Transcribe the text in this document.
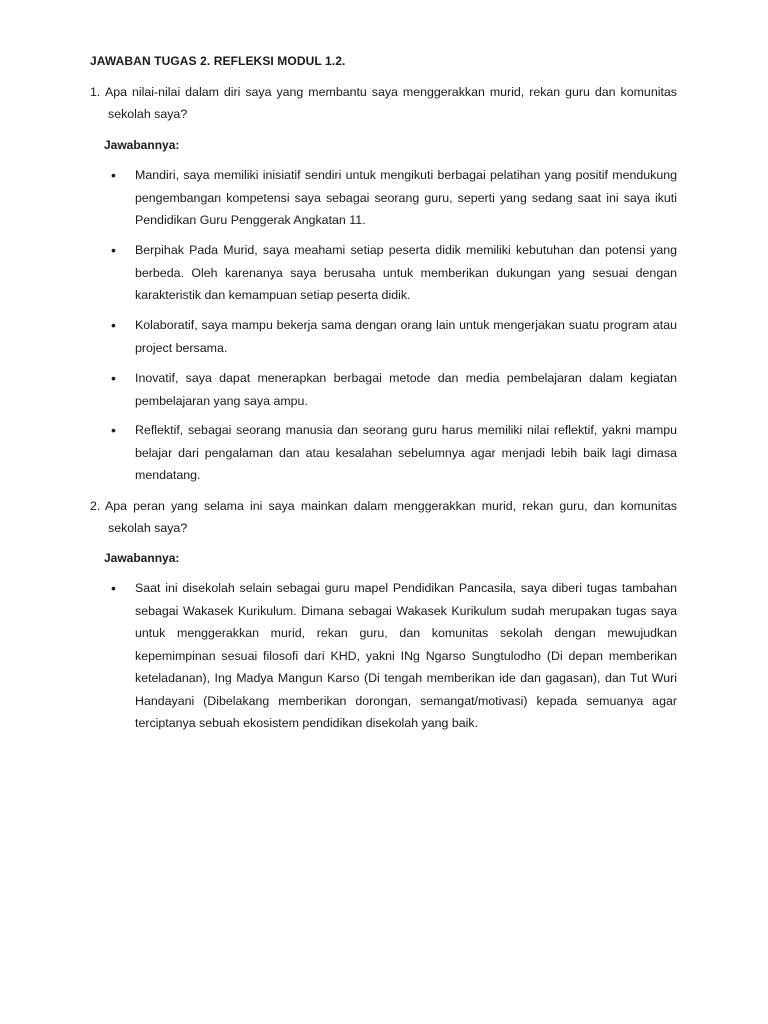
JAWABAN TUGAS 2. REFLEKSI MODUL 1.2.
1. Apa nilai-nilai dalam diri saya yang membantu saya menggerakkan murid, rekan guru dan komunitas sekolah saya?
Jawabannya:
•	Mandiri, saya memiliki inisiatif sendiri untuk mengikuti berbagai pelatihan yang positif mendukung pengembangan kompetensi saya sebagai seorang guru, seperti yang sedang saat ini saya ikuti Pendidikan Guru Penggerak Angkatan 11.
•	Berpihak Pada Murid, saya meahami setiap peserta didik memiliki kebutuhan dan potensi yang berbeda. Oleh karenanya saya berusaha untuk memberikan dukungan yang sesuai dengan karakteristik dan kemampuan setiap peserta didik.
•	Kolaboratif, saya mampu bekerja sama dengan orang lain untuk mengerjakan suatu program atau project bersama.
•	Inovatif, saya dapat menerapkan berbagai metode dan media pembelajaran dalam kegiatan pembelajaran yang saya ampu.
•	Reflektif, sebagai seorang manusia dan seorang guru harus memiliki nilai reflektif, yakni mampu belajar dari pengalaman dan atau kesalahan sebelumnya agar menjadi lebih baik lagi dimasa mendatang.
2. Apa peran yang selama ini saya mainkan dalam menggerakkan murid, rekan guru, dan komunitas sekolah saya?
Jawabannya:
•	Saat ini disekolah selain sebagai guru mapel Pendidikan Pancasila, saya diberi tugas tambahan sebagai Wakasek Kurikulum. Dimana sebagai Wakasek Kurikulum sudah merupakan tugas saya untuk menggerakkan murid, rekan guru, dan komunitas sekolah dengan mewujudkan kepemimpinan sesuai filosofi dari KHD, yakni INg Ngarso Sungtulodho (Di depan memberikan keteladanan), Ing Madya Mangun Karso (Di tengah memberikan ide dan gagasan), dan Tut Wuri Handayani (Dibelakang memberikan dorongan, semangat/motivasi) kepada semuanya agar terciptanya sebuah ekosistem pendidikan disekolah yang baik.
